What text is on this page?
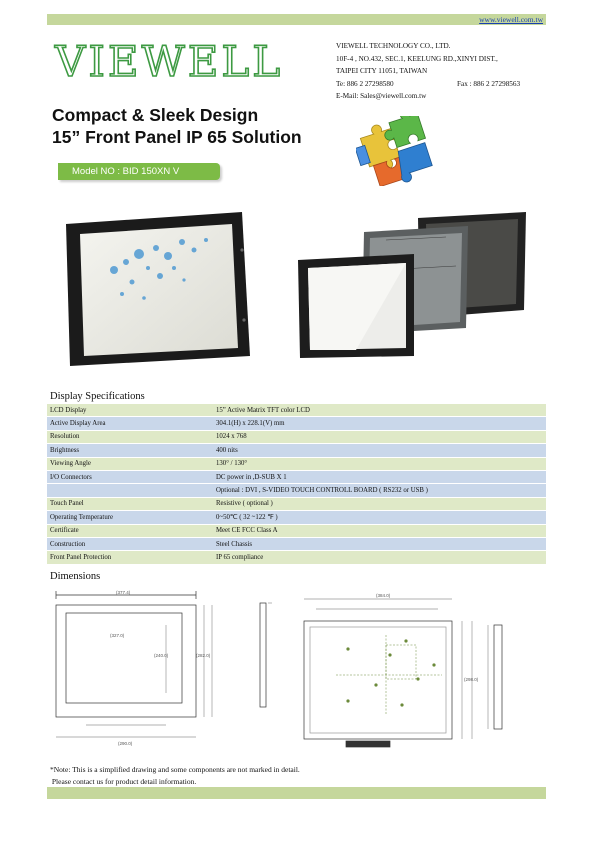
www.viewell.com.tw
VIEWELL	VIEWELL TECHNOLOGY CO., LTD.
10F-4 , NO.432, SEC.1, KEELUNG RD.,XINYI DIST.,
TAIPEI CITY 11051, TAIWAN
Te: 886 2 27298580	Fax : 886 2 27298563
E-Mail: Sales@viewell.com.tw
Compact & Sleek Design
15” Front Panel IP 65 Solution
Model NO : BID 150XN V
Display Specifications
LCD Display	15” Active Matrix TFT color LCD
Active Display Area	304.1(H) x 228.1(V) mm
Resolution	1024 x 768
Brightness	400 nits
Viewing Angle	130° / 130°
I/O Connectors	DC power in ,D-SUB X 1
	Optional : DVI , S-VIDEO TOUCH CONTROLL BOARD ( RS232 or USB )
Touch Panel	Resistive ( optional )
Operating Temperature	0~50℃ ( 32 ~122 ℉ )
Certificate	Meet CE FCC Class A
Construction	Steel Chassis
Front Panel Protection	IP 65 compliance
Dimensions
(377.4)
(327.0)
(240.0)	(282.0)
(290.0)
(384.0)
(298.0)
*Note: This is a simplified drawing and some components are not marked in detail.
Please contact us for product detail information.
